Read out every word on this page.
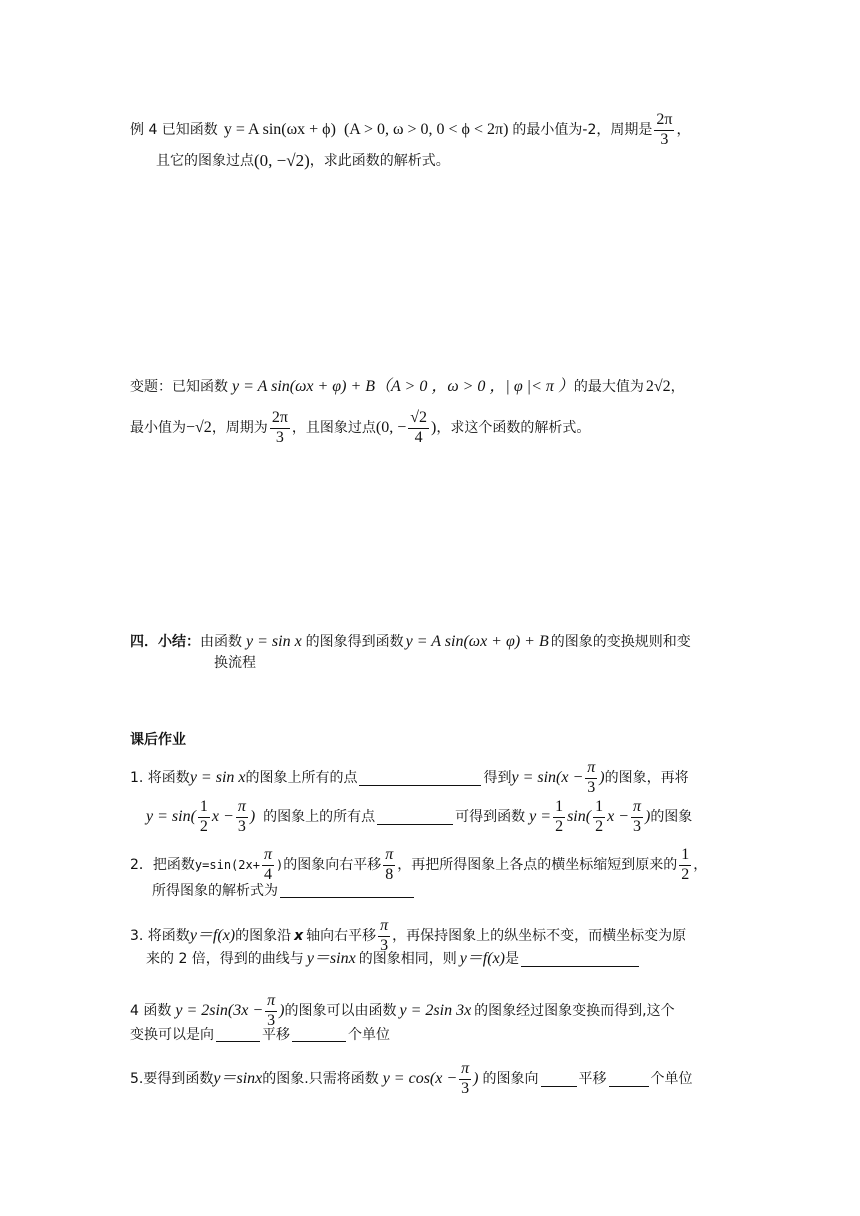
例 4 已知函数 y = A sin(ωx + ϕ) (A > 0, ω > 0, 0 < ϕ < 2π) 的最小值为-2，周期是 $\frac{2\pi}{3}$ ，
且它的图象过点 (0, −√2) ，求此函数的解析式。
变题：已知函数 y = A sin(ωx + φ) + B （A > 0 ，ω > 0 ，| φ |< π ） 的最大值为 2√2 ，
最小值为 −√2 ，周期为 $\frac{2\pi}{3}$ ，且图象过点 (0, − $\frac{√2}{4}$ ) ，求这个函数的解析式。
四．小结： 由函数 y = sin x 的图象得到函数 y = A sin(ωx + φ) + B 的图象的变换规则和变
换流程
课后作业
1. 将函数 y = sin x 的图象上所有的点	得到 $y = \sin(x - \frac{\pi}{3}$ ) 的图象，再将
$y = \sin( \frac{1}{2}$ $x - \frac{\pi}{3}$ ) 的图象上的所有点	可得到函数 $y = \frac{1}{2} \sin( \frac{1}{2}$ $x - \frac{\pi}{3}$ ) 的图象
2．把函数 $y=\sin(2x+ \frac{\pi}{4}$ ) 的图象向右平移 $\frac{\pi}{8}$ ，再把所得图象上各点的横坐标缩短到原来的 $\frac{1}{2}$ ，
所得图象的解析式为
3. 将函数 y＝f(x) 的图象沿 x 轴向右平移 $\frac{\pi}{3}$ ，再保持图象上的纵坐标不变，而横坐标变为原
来的 2 倍，得到的曲线与 y＝sinx 的图象相同，则 y＝f(x) 是
4 函数 $y = 2\sin(3x - \frac{\pi}{3}$ ) 的图象可以由函数 y = 2sin 3x 的图象经过图象变换而得到,这个
变换可以是向	平移	个单位
5.要得到函数 y＝sinx 的图象.只需将函数 $y = \cos(x - \frac{\pi}{3}$ ) 的图象向	平移	个单位
